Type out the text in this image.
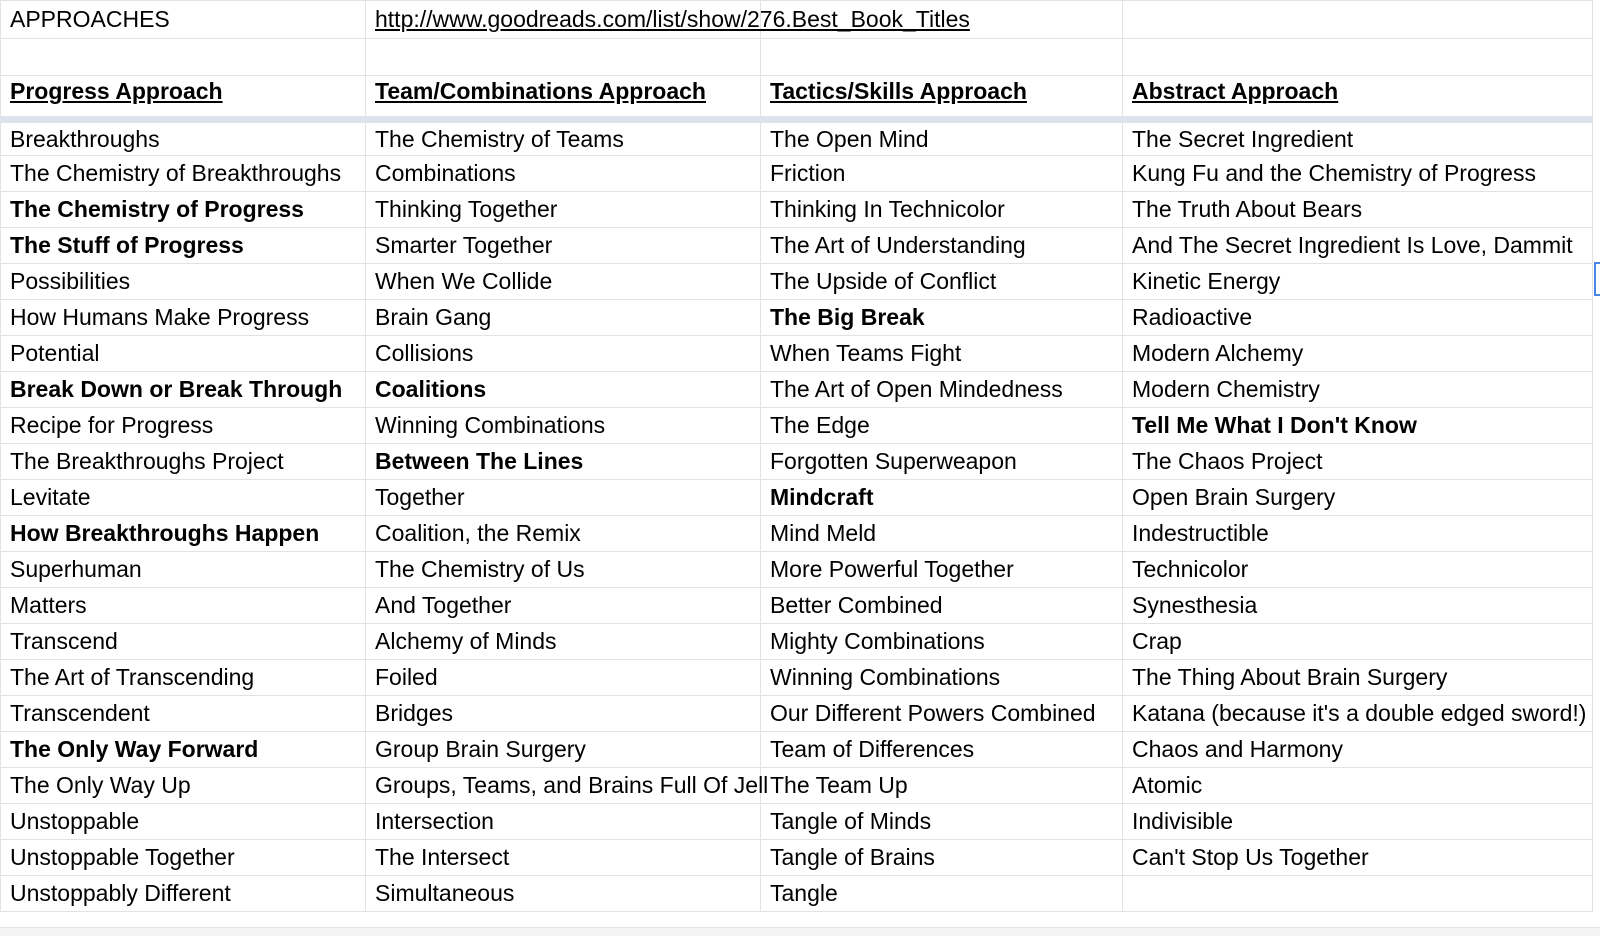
APPROACHES	http://www.goodreads.com/list/show/276.Best_Book_Titles		

Progress Approach	Team/Combinations Approach	Tactics/Skills Approach	Abstract Approach
Breakthroughs	The Chemistry of Teams	The Open Mind	The Secret Ingredient
The Chemistry of Breakthroughs	Combinations	Friction	Kung Fu and the Chemistry of Progress
The Chemistry of Progress	Thinking Together	Thinking In Technicolor	The Truth About Bears
The Stuff of Progress	Smarter Together	The Art of Understanding	And The Secret Ingredient Is Love, Dammit
Possibilities	When We Collide	The Upside of Conflict	Kinetic Energy
How Humans Make Progress	Brain Gang	The Big Break	Radioactive
Potential	Collisions	When Teams Fight	Modern Alchemy
Break Down or Break Through	Coalitions	The Art of Open Mindedness	Modern Chemistry
Recipe for Progress	Winning Combinations	The Edge	Tell Me What I Don't Know
The Breakthroughs Project	Between The Lines	Forgotten Superweapon	The Chaos Project
Levitate	Together	Mindcraft	Open Brain Surgery
How Breakthroughs Happen	Coalition, the Remix	Mind Meld	Indestructible
Superhuman	The Chemistry of Us	More Powerful Together	Technicolor
Matters	And Together	Better Combined	Synesthesia
Transcend	Alchemy of Minds	Mighty Combinations	Crap
The Art of Transcending	Foiled	Winning Combinations	The Thing About Brain Surgery
Transcendent	Bridges	Our Different Powers Combined	Katana (because it's a double edged sword!)
The Only Way Forward	Group Brain Surgery	Team of Differences	Chaos and Harmony
The Only Way Up	Groups, Teams, and Brains Full Of Jell	The Team Up	Atomic
Unstoppable	Intersection	Tangle of Minds	Indivisible
Unstoppable Together	The Intersect	Tangle of Brains	Can't Stop Us Together
Unstoppably Different	Simultaneous	Tangle	
